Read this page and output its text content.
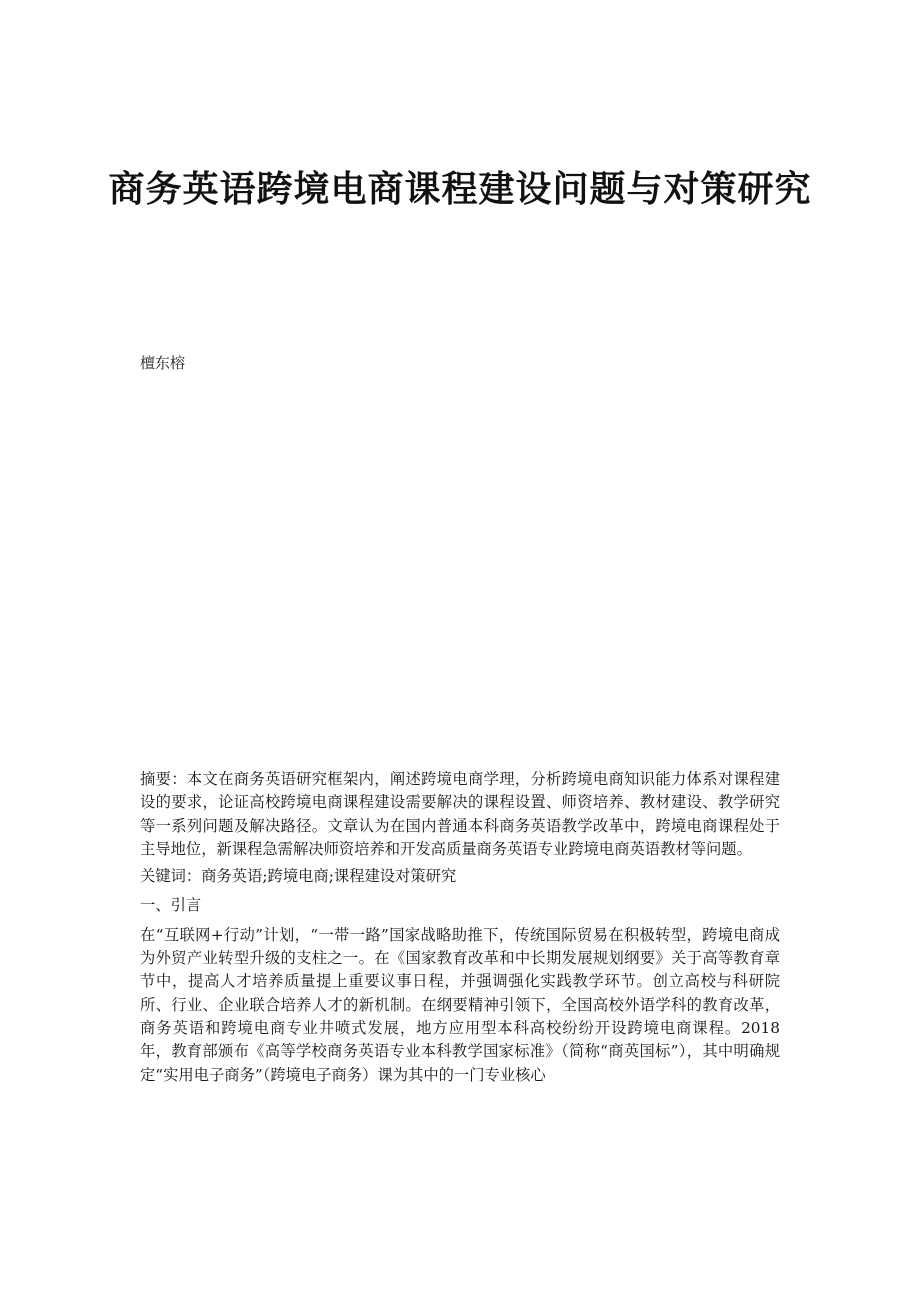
商务英语跨境电商课程建设问题与对策研究
檀东榕

摘要：本文在商务英语研究框架内，阐述跨境电商学理，分析跨境电商知识能力体系对课程建设的要求，论证高校跨境电商课程建设需要解决的课程设置、师资培养、教材建设、教学研究等一系列问题及解决路径。文章认为在国内普通本科商务英语教学改革中，跨境电商课程处于主导地位，新课程急需解决师资培养和开发高质量商务英语专业跨境电商英语教材等问题。

关键词：商务英语;跨境电商;课程建设对策研究

一、引言

在“互联网+行动”计划，“一带一路”国家战略助推下，传统国际贸易在积极转型，跨境电商成为外贸产业转型升级的支柱之一。在《国家教育改革和中长期发展规划纲要》关于高等教育章节中，提高人才培养质量提上重要议事日程，并强调强化实践教学环节。创立高校与科研院所、行业、企业联合培养人才的新机制。在纲要精神引领下，全国高校外语学科的教育改革，商务英语和跨境电商专业井喷式发展，地方应用型本科高校纷纷开设跨境电商课程。2018 年，教育部颁布《高等学校商务英语专业本科教学国家标准》（简称“商英国标”），其中明确规定“实用电子商务”（跨境电子商务）课为其中的一门专业核心
